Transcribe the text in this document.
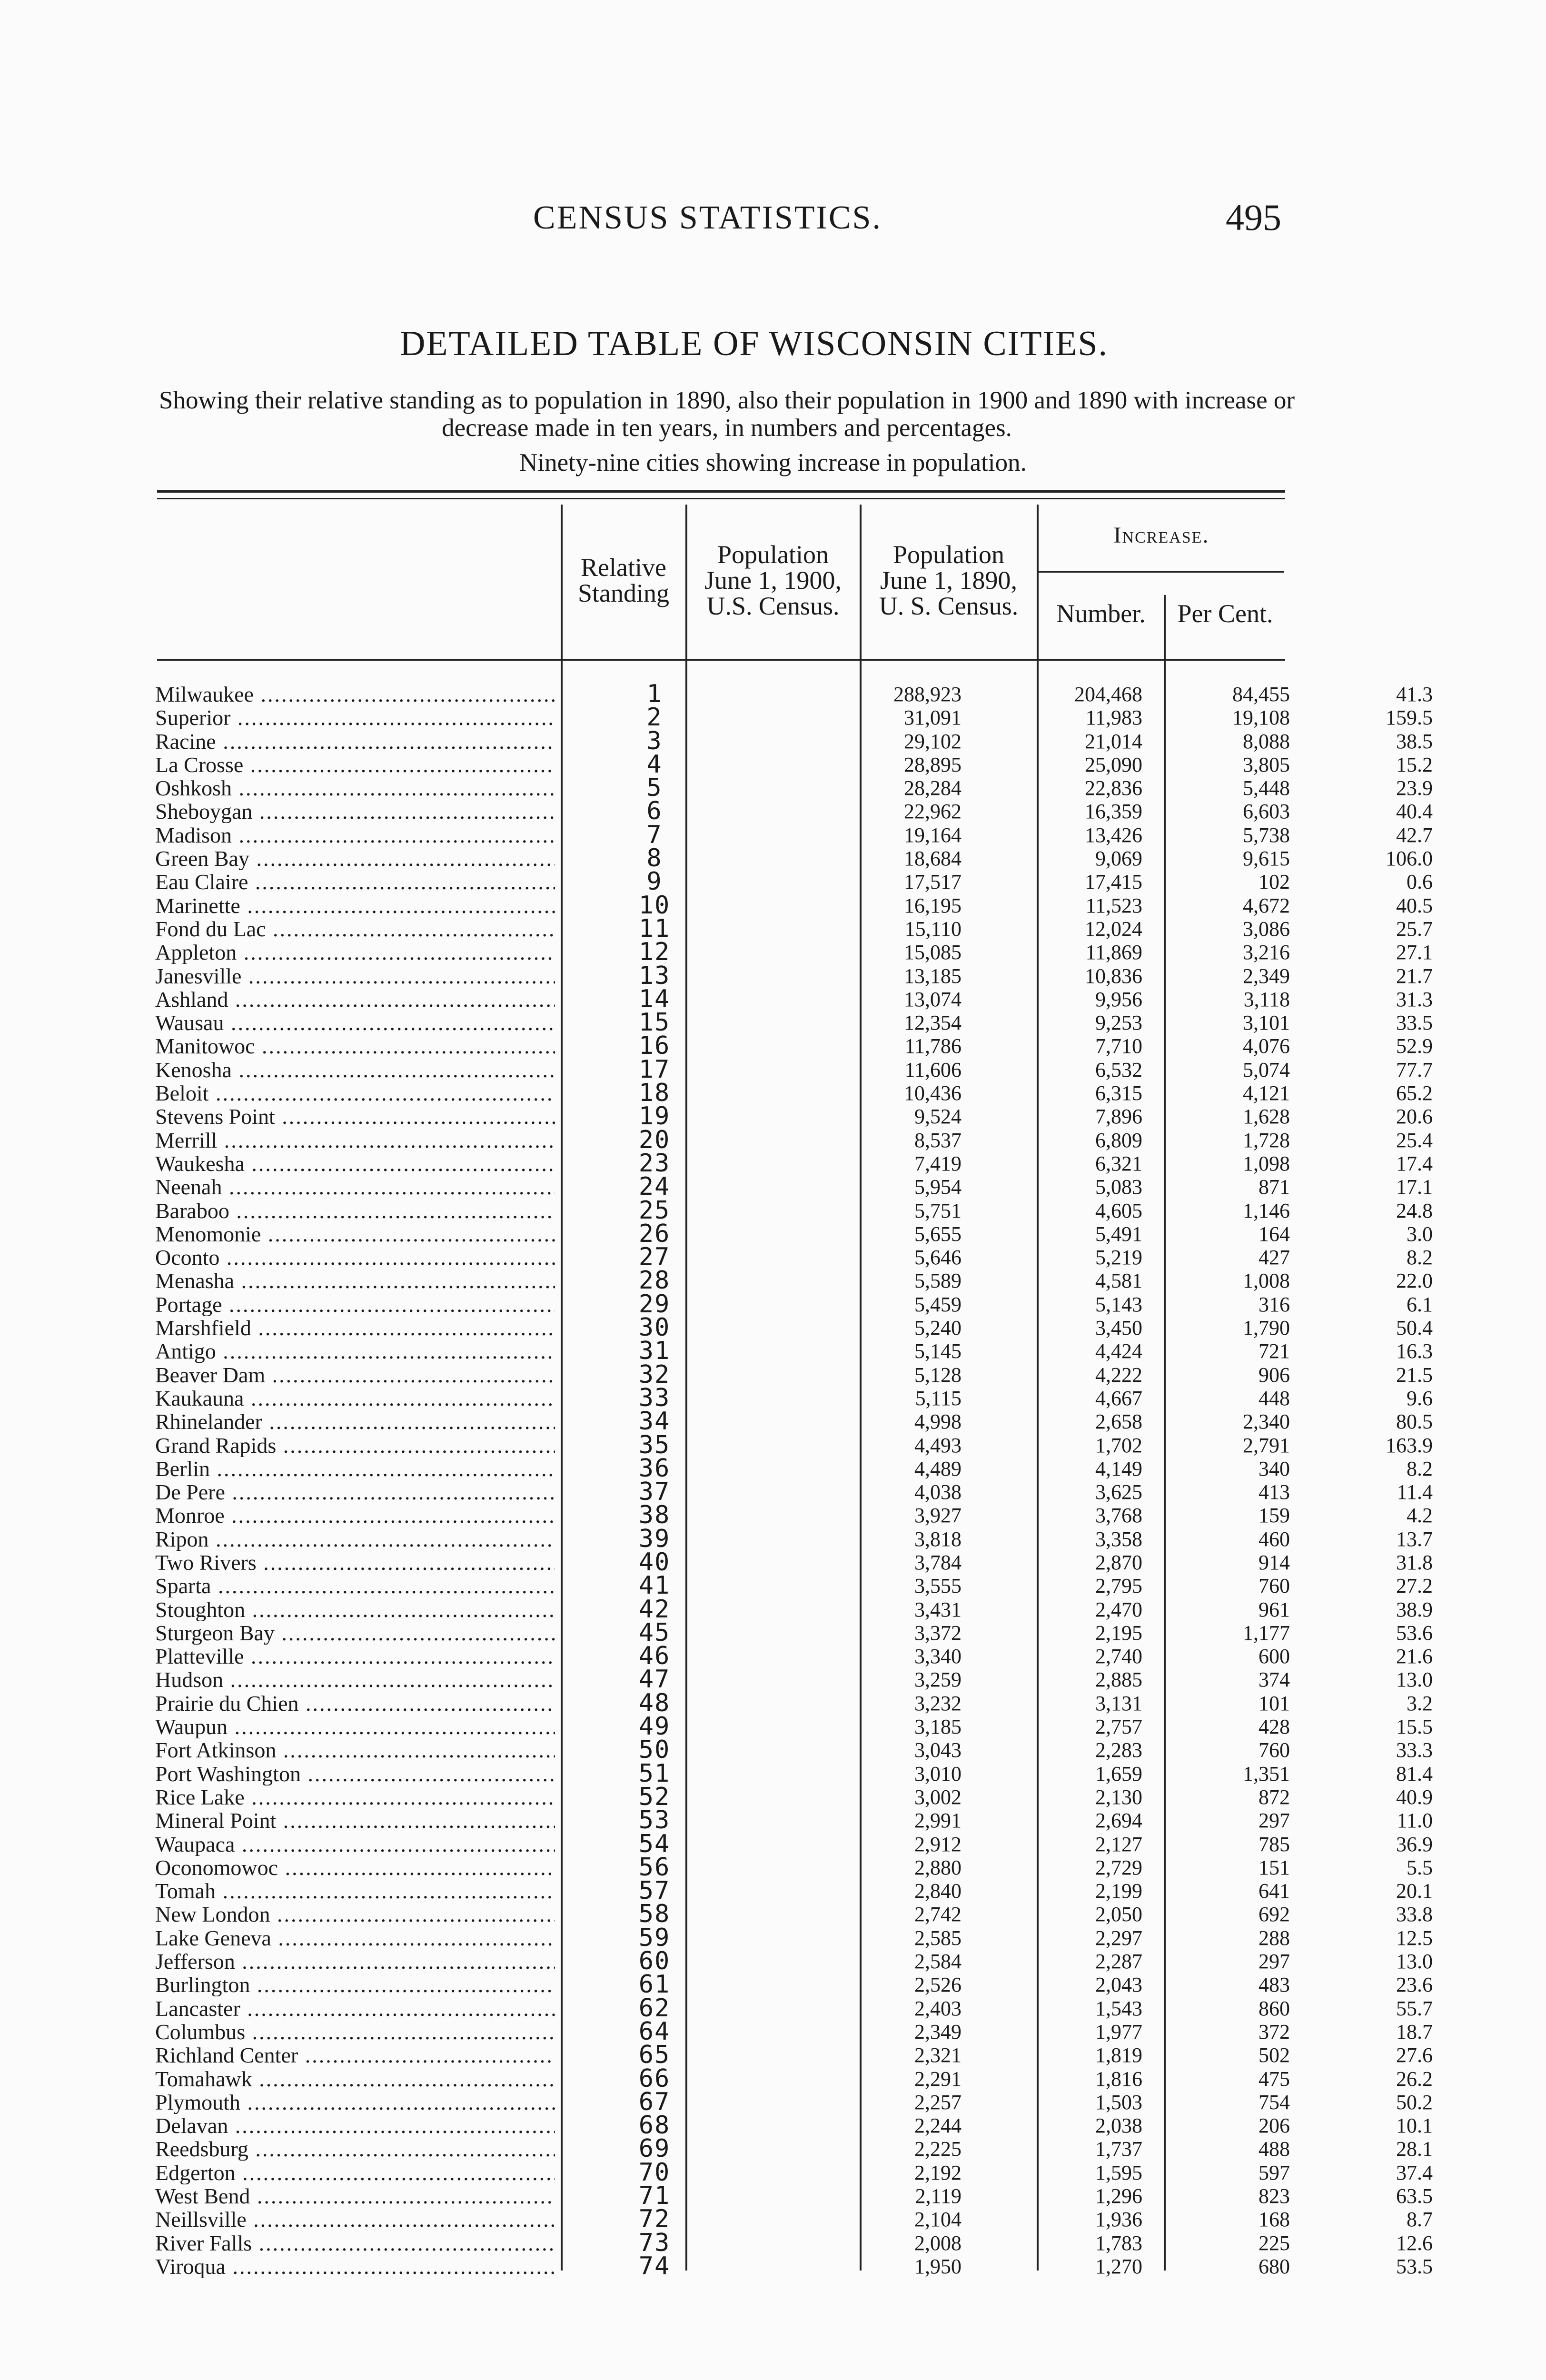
CENSUS STATISTICS.	495
DETAILED TABLE OF WISCONSIN CITIES.
Showing their relative standing as to population in 1890, also their population in 1900 and 1890 with increase or decrease made in ten years, in numbers and percentages.
Ninety-nine cities showing increase in population.
Relative
Standing
Population
June 1, 1900,
U.S. Census.
Population
June 1, 1890,
U. S. Census.
Increase.
Number.	Per Cent.
Milwaukee .....	1	288,923	204,468	84,455	41.3
Superior .....	2	31,091	11,983	19,108	159.5
Racine .....	3	29,102	21,014	8,088	38.5
La Crosse .....	4	28,895	25,090	3,805	15.2
Oshkosh .....	5	28,284	22,836	5,448	23.9
Sheboygan .....	6	22,962	16,359	6,603	40.4
Madison .....	7	19,164	13,426	5,738	42.7
Green Bay .....	8	18,684	9,069	9,615	106.0
Eau Claire .....	9	17,517	17,415	102	0.6
Marinette .....	10	16,195	11,523	4,672	40.5
Fond du Lac .....	11	15,110	12,024	3,086	25.7
Appleton .....	12	15,085	11,869	3,216	27.1
Janesville .....	13	13,185	10,836	2,349	21.7
Ashland .....	14	13,074	9,956	3,118	31.3
Wausau .....	15	12,354	9,253	3,101	33.5
Manitowoc .....	16	11,786	7,710	4,076	52.9
Kenosha .....	17	11,606	6,532	5,074	77.7
Beloit .....	18	10,436	6,315	4,121	65.2
Stevens Point .....	19	9,524	7,896	1,628	20.6
Merrill .....	20	8,537	6,809	1,728	25.4
Waukesha .....	23	7,419	6,321	1,098	17.4
Neenah .....	24	5,954	5,083	871	17.1
Baraboo .....	25	5,751	4,605	1,146	24.8
Menomonie .....	26	5,655	5,491	164	3.0
Oconto .....	27	5,646	5,219	427	8.2
Menasha .....	28	5,589	4,581	1,008	22.0
Portage .....	29	5,459	5,143	316	6.1
Marshfield .....	30	5,240	3,450	1,790	50.4
Antigo .....	31	5,145	4,424	721	16.3
Beaver Dam .....	32	5,128	4,222	906	21.5
Kaukauna .....	33	5,115	4,667	448	9.6
Rhinelander .....	34	4,998	2,658	2,340	80.5
Grand Rapids .....	35	4,493	1,702	2,791	163.9
Berlin .....	36	4,489	4,149	340	8.2
De Pere .....	37	4,038	3,625	413	11.4
Monroe .....	38	3,927	3,768	159	4.2
Ripon .....	39	3,818	3,358	460	13.7
Two Rivers .....	40	3,784	2,870	914	31.8
Sparta .....	41	3,555	2,795	760	27.2
Stoughton .....	42	3,431	2,470	961	38.9
Sturgeon Bay .....	45	3,372	2,195	1,177	53.6
Platteville .....	46	3,340	2,740	600	21.6
Hudson .....	47	3,259	2,885	374	13.0
Prairie du Chien .....	48	3,232	3,131	101	3.2
Waupun .....	49	3,185	2,757	428	15.5
Fort Atkinson .....	50	3,043	2,283	760	33.3
Port Washington .....	51	3,010	1,659	1,351	81.4
Rice Lake .....	52	3,002	2,130	872	40.9
Mineral Point .....	53	2,991	2,694	297	11.0
Waupaca .....	54	2,912	2,127	785	36.9
Oconomowoc .....	56	2,880	2,729	151	5.5
Tomah .....	57	2,840	2,199	641	20.1
New London .....	58	2,742	2,050	692	33.8
Lake Geneva .....	59	2,585	2,297	288	12.5
Jefferson .....	60	2,584	2,287	297	13.0
Burlington .....	61	2,526	2,043	483	23.6
Lancaster .....	62	2,403	1,543	860	55.7
Columbus .....	64	2,349	1,977	372	18.7
Richland Center .....	65	2,321	1,819	502	27.6
Tomahawk .....	66	2,291	1,816	475	26.2
Plymouth .....	67	2,257	1,503	754	50.2
Delavan .....	68	2,244	2,038	206	10.1
Reedsburg .....	69	2,225	1,737	488	28.1
Edgerton .....	70	2,192	1,595	597	37.4
West Bend .....	71	2,119	1,296	823	63.5
Neillsville .....	72	2,104	1,936	168	8.7
River Falls .....	73	2,008	1,783	225	12.6
Viroqua .....	74	1,950	1,270	680	53.5
